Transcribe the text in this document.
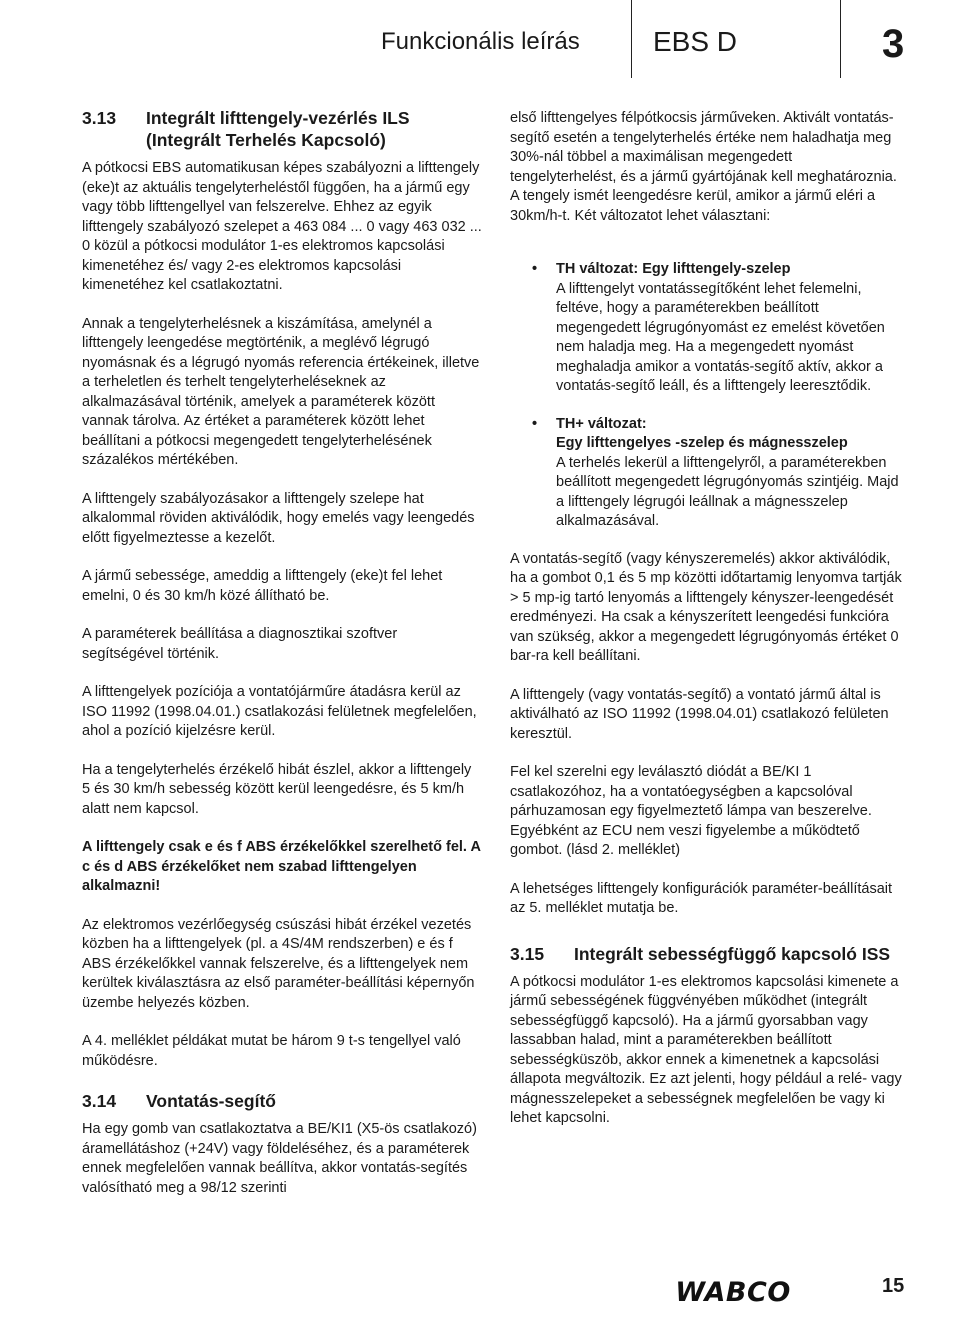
Funkcionális leírás	EBS D	3
3.13	Integrált lifttengely-vezérlés ILS (Integrált Terhelés Kapcsoló)

A pótkocsi EBS automatikusan képes szabályozni a lifttengely (eke)t az aktuális tengelyterheléstől függően, ha a jármű egy vagy több lifttengellyel van felszerelve. Ehhez az egyik lifttengely szabályozó szelepet a 463 084 ... 0 vagy 463 032 ... 0 közül a pótkocsi modulátor 1-es elektromos kapcsolási kimenetéhez és/ vagy 2-es elektromos kapcsolási kimenetéhez kel csatlakoztatni.

Annak a tengelyterhelésnek a kiszámítása, amelynél a lifttengely leengedése megtörténik, a meglévő légrugó nyomásnak és a légrugó nyomás referencia értékeinek, illetve a terheletlen és terhelt tengelyterheléseknek az alkalmazásával történik, amelyek a paraméterek között vannak tárolva. Az értéket a paraméterek között lehet beállítani a pótkocsi megengedett tengelyterhelésének százalékos mértékében.

A lifttengely szabályozásakor a lifttengely szelepe hat alkalommal röviden aktiválódik, hogy emelés vagy leengedés előtt figyelmeztesse a kezelőt.

A jármű sebessége, ameddig a lifttengely (eke)t fel lehet emelni, 0 és 30 km/h közé állítható be.

A paraméterek beállítása a diagnosztikai szoftver segítségével történik.

A lifttengelyek pozíciója a vontatójárműre átadásra kerül az ISO 11992 (1998.04.01.) csatlakozási felületnek megfelelően, ahol a pozíció kijelzésre kerül.

Ha a tengelyterhelés érzékelő hibát észlel, akkor a lifttengely 5 és 30 km/h sebesség között kerül leengedésre, és 5 km/h alatt nem kapcsol.

A lifttengely csak e és f ABS érzékelőkkel szerelhető fel. A c és d ABS érzékelőket nem szabad lifttengelyen alkalmazni!

Az elektromos vezérlőegység csúszási hibát érzékel vezetés közben ha a lifttengelyek (pl. a 4S/4M rendszerben) e és f ABS érzékelőkkel vannak felszerelve, és a lifttengelyek nem kerültek kiválasztásra az első paraméter-beállítási képernyőn üzembe helyezés közben.

A 4. melléklet példákat mutat be három 9 t-s tengellyel való működésre.

3.14	Vontatás-segítő

Ha egy gomb van csatlakoztatva a BE/KI1 (X5-ös csatlakozó) áramellátáshoz (+24V) vagy földeléséhez, és a paraméterek ennek megfelelően vannak beállítva, akkor vontatás-segítés valósítható meg a 98/12 szerinti

első lifttengelyes félpótkocsis járműveken. Aktivált vontatás-segítő esetén a tengelyterhelés értéke nem haladhatja meg 30%-nál többel a maximálisan megengedett tengelyterhelést, és a jármű gyártójának kell meghatároznia. A tengely ismét leengedésre kerül, amikor a jármű eléri a 30km/h-t. Két változatot lehet választani:

• TH változat: Egy lifttengely-szelep
A lifttengelyt vontatássegítőként lehet felemelni, feltéve, hogy a paraméterekben beállított megengedett légrugónyomást ez emelést követően nem haladja meg. Ha a megengedett nyomást meghaladja amikor a vontatás-segítő aktív, akkor a vontatás-segítő leáll, és a lifttengely leeresztődik.
• TH+ változat:
Egy lifttengelyes -szelep és mágnesszelep
A terhelés lekerül a lifttengelyről, a paraméterekben beállított megengedett légrugónyomás szintjéig. Majd a lifttengely légrugói leállnak a mágnesszelep alkalmazásával.

A vontatás-segítő (vagy kényszeremelés) akkor aktiválódik, ha a gombot 0,1 és 5 mp közötti időtartamig lenyomva tartják > 5 mp-ig tartó lenyomás a lifttengely kényszer-leengedését eredményezi. Ha csak a kényszerített leengedési funkcióra van szükség, akkor a megengedett légrugónyomás értéket 0 bar-ra kell beállítani.

A lifttengely (vagy vontatás-segítő) a vontató jármű által is aktiválható az ISO 11992 (1998.04.01) csatlakozó felületen keresztül.

Fel kel szerelni egy leválasztó diódát a BE/KI 1 csatlakozóhoz, ha a vontatóegységben a kapcsolóval párhuzamosan egy figyelmeztető lámpa van beszerelve. Egyébként az ECU nem veszi figyelembe a működtető gombot. (lásd 2. melléklet)

A lehetséges lifttengely konfigurációk paraméter-beállításait az 5. melléklet mutatja be.

3.15	Integrált sebességfüggő kapcsoló ISS

A pótkocsi modulátor 1-es elektromos kapcsolási kimenete a jármű sebességének függvényében működhet (integrált sebességfüggő kapcsoló). Ha a jármű gyorsabban vagy lassabban halad, mint a paraméterekben beállított sebességküszöb, akkor ennek a kimenetnek a kapcsolási állapota megváltozik. Ez azt jelenti, hogy például a relé- vagy mágnesszelepeket a sebességnek megfelelően be vagy ki lehet kapcsolni.

WABCO	15
